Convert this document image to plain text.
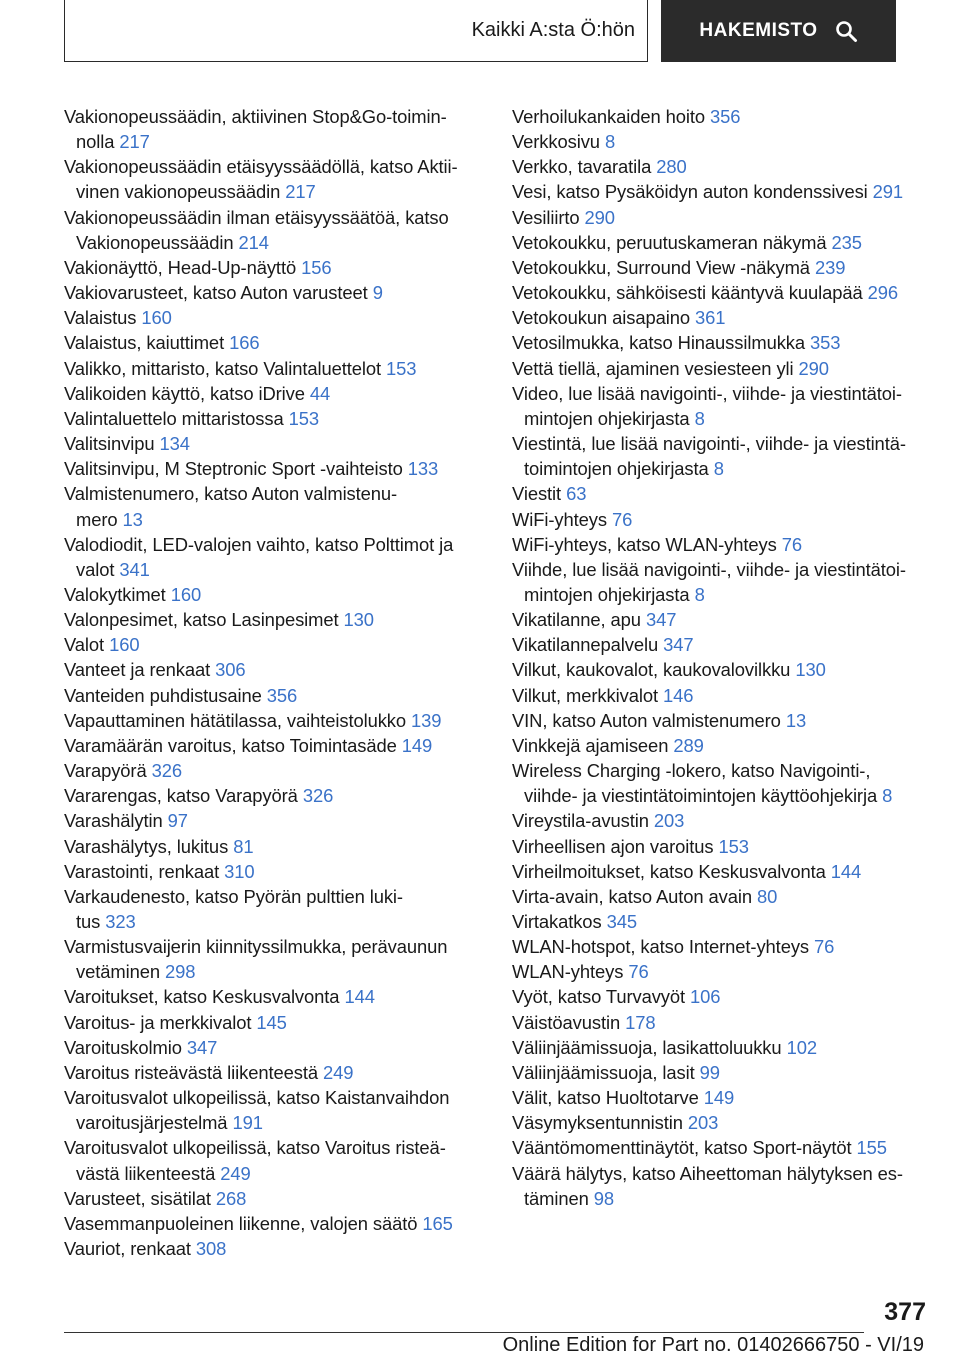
Kaikki A:sta Ö:hön	HAKEMISTO
Vakionopeussäädin, aktiivinen Stop&Go-toimin-
nolla 217
Vakionopeussäädin etäisyyssäädöllä, katso Aktii-
vinen vakionopeussäädin 217
Vakionopeussäädin ilman etäisyyssäätöä, katso
Vakionopeussäädin 214
Vakionäyttö, Head-Up-näyttö 156
Vakiovarusteet, katso Auton varusteet 9
Valaistus 160
Valaistus, kaiuttimet 166
Valikko, mittaristo, katso Valintaluettelot 153
Valikoiden käyttö, katso iDrive 44
Valintaluettelo mittaristossa 153
Valitsinvipu 134
Valitsinvipu, M Steptronic Sport -vaihteisto 133
Valmistenumero, katso Auton valmistenu-
mero 13
Valodiodit, LED-valojen vaihto, katso Polttimot ja
valot 341
Valokytkimet 160
Valonpesimet, katso Lasinpesimet 130
Valot 160
Vanteet ja renkaat 306
Vanteiden puhdistusaine 356
Vapauttaminen hätätilassa, vaihteistolukko 139
Varamäärän varoitus, katso Toimintasäde 149
Varapyörä 326
Vararengas, katso Varapyörä 326
Varashälytin 97
Varashälytys, lukitus 81
Varastointi, renkaat 310
Varkaudenesto, katso Pyörän pulttien luki-
tus 323
Varmistusvaijerin kiinnityssilmukka, perävaunun
vetäminen 298
Varoitukset, katso Keskusvalvonta 144
Varoitus- ja merkkivalot 145
Varoituskolmio 347
Varoitus risteävästä liikenteestä 249
Varoitusvalot ulkopeilissä, katso Kaistanvaihdon
varoitusjärjestelmä 191
Varoitusvalot ulkopeilissä, katso Varoitus risteä-
västä liikenteestä 249
Varusteet, sisätilat 268
Vasemmanpuoleinen liikenne, valojen säätö 165
Vauriot, renkaat 308
Verhoilukankaiden hoito 356
Verkkosivu 8
Verkko, tavaratila 280
Vesi, katso Pysäköidyn auton kondenssivesi 291
Vesiliirto 290
Vetokoukku, peruutuskameran näkymä 235
Vetokoukku, Surround View -näkymä 239
Vetokoukku, sähköisesti kääntyvä kuulapää 296
Vetokoukun aisapaino 361
Vetosilmukka, katso Hinaussilmukka 353
Vettä tiellä, ajaminen vesiesteen yli 290
Video, lue lisää navigointi-, viihde- ja viestintätoi-
mintojen ohjekirjasta 8
Viestintä, lue lisää navigointi-, viihde- ja viestintä-
toimintojen ohjekirjasta 8
Viestit 63
WiFi-yhteys 76
WiFi-yhteys, katso WLAN-yhteys 76
Viihde, lue lisää navigointi-, viihde- ja viestintätoi-
mintojen ohjekirjasta 8
Vikatilanne, apu 347
Vikatilannepalvelu 347
Vilkut, kaukovalot, kaukovalovilkku 130
Vilkut, merkkivalot 146
VIN, katso Auton valmistenumero 13
Vinkkejä ajamiseen 289
Wireless Charging -lokero, katso Navigointi-,
viihde- ja viestintätoimintojen käyttöohjekirja 8
Vireystila-avustin 203
Virheellisen ajon varoitus 153
Virheilmoitukset, katso Keskusvalvonta 144
Virta-avain, katso Auton avain 80
Virtakatkos 345
WLAN-hotspot, katso Internet-yhteys 76
WLAN-yhteys 76
Vyöt, katso Turvavyöt 106
Väistöavustin 178
Väliinjäämissuoja, lasikattoluukku 102
Väliinjäämissuoja, lasit 99
Välit, katso Huoltotarve 149
Väsymyksentunnistin 203
Vääntömomenttinäytöt, katso Sport-näytöt 155
Väärä hälytys, katso Aiheettoman hälytyksen es-
täminen 98
377
Online Edition for Part no. 01402666750 - VI/19
